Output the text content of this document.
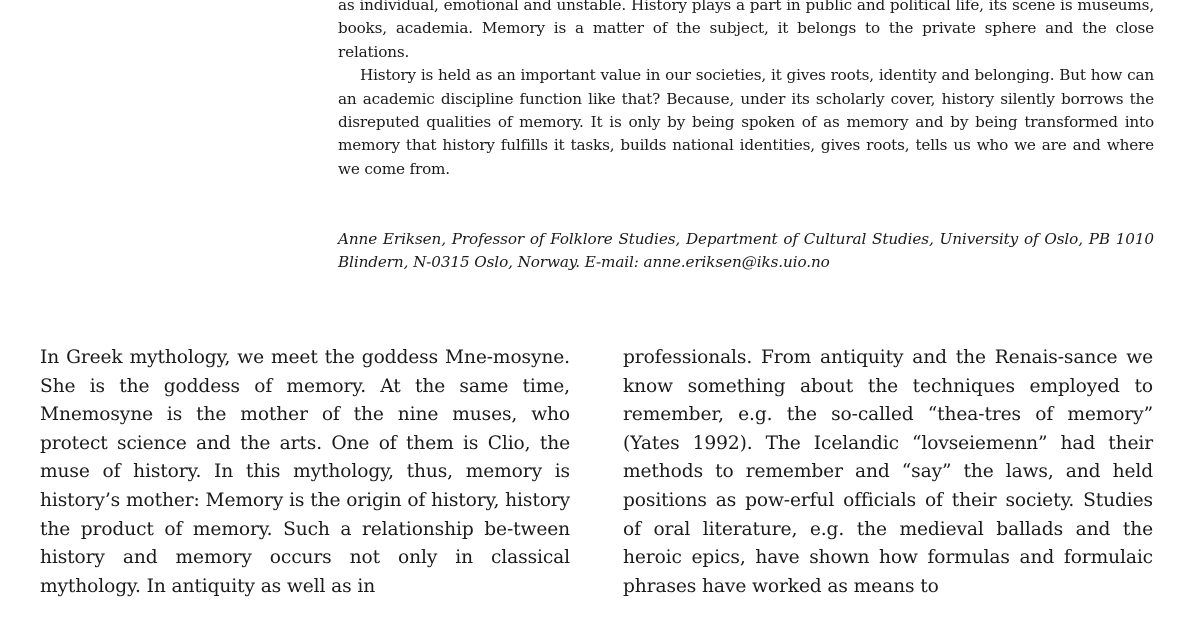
as individual, emotional and unstable. History plays a part in public and political life, its scene is museums, books, academia. Memory is a matter of the subject, it belongs to the private sphere and the close relations.

History is held as an important value in our societies, it gives roots, identity and belonging. But how can an academic discipline function like that? Because, under its scholarly cover, history silently borrows the disreputed qualities of memory. It is only by being spoken of as memory and by being transformed into memory that history fulfills it tasks, builds national identities, gives roots, tells us who we are and where we come from.

Anne Eriksen, Professor of Folklore Studies, Department of Cultural Studies, University of Oslo, PB 1010 Blindern, N-0315 Oslo, Norway. E-mail: anne.eriksen@iks.uio.no

In Greek mythology, we meet the goddess Mne-mosyne. She is the goddess of memory. At the same time, Mnemosyne is the mother of the nine muses, who protect science and the arts. One of them is Clio, the muse of history. In this mythology, thus, memory is history’s mother: Memory is the origin of history, history the product of memory. Such a relationship be-tween history and memory occurs not only in classical mythology. In antiquity as well as in

professionals. From antiquity and the Renais-sance we know something about the techniques employed to remember, e.g. the so-called “thea-tres of memory” (Yates 1992). The Icelandic “lovseiemenn” had their methods to remember and “say” the laws, and held positions as pow-erful officials of their society. Studies of oral literature, e.g. the medieval ballads and the heroic epics, have shown how formulas and formulaic phrases have worked as means to
